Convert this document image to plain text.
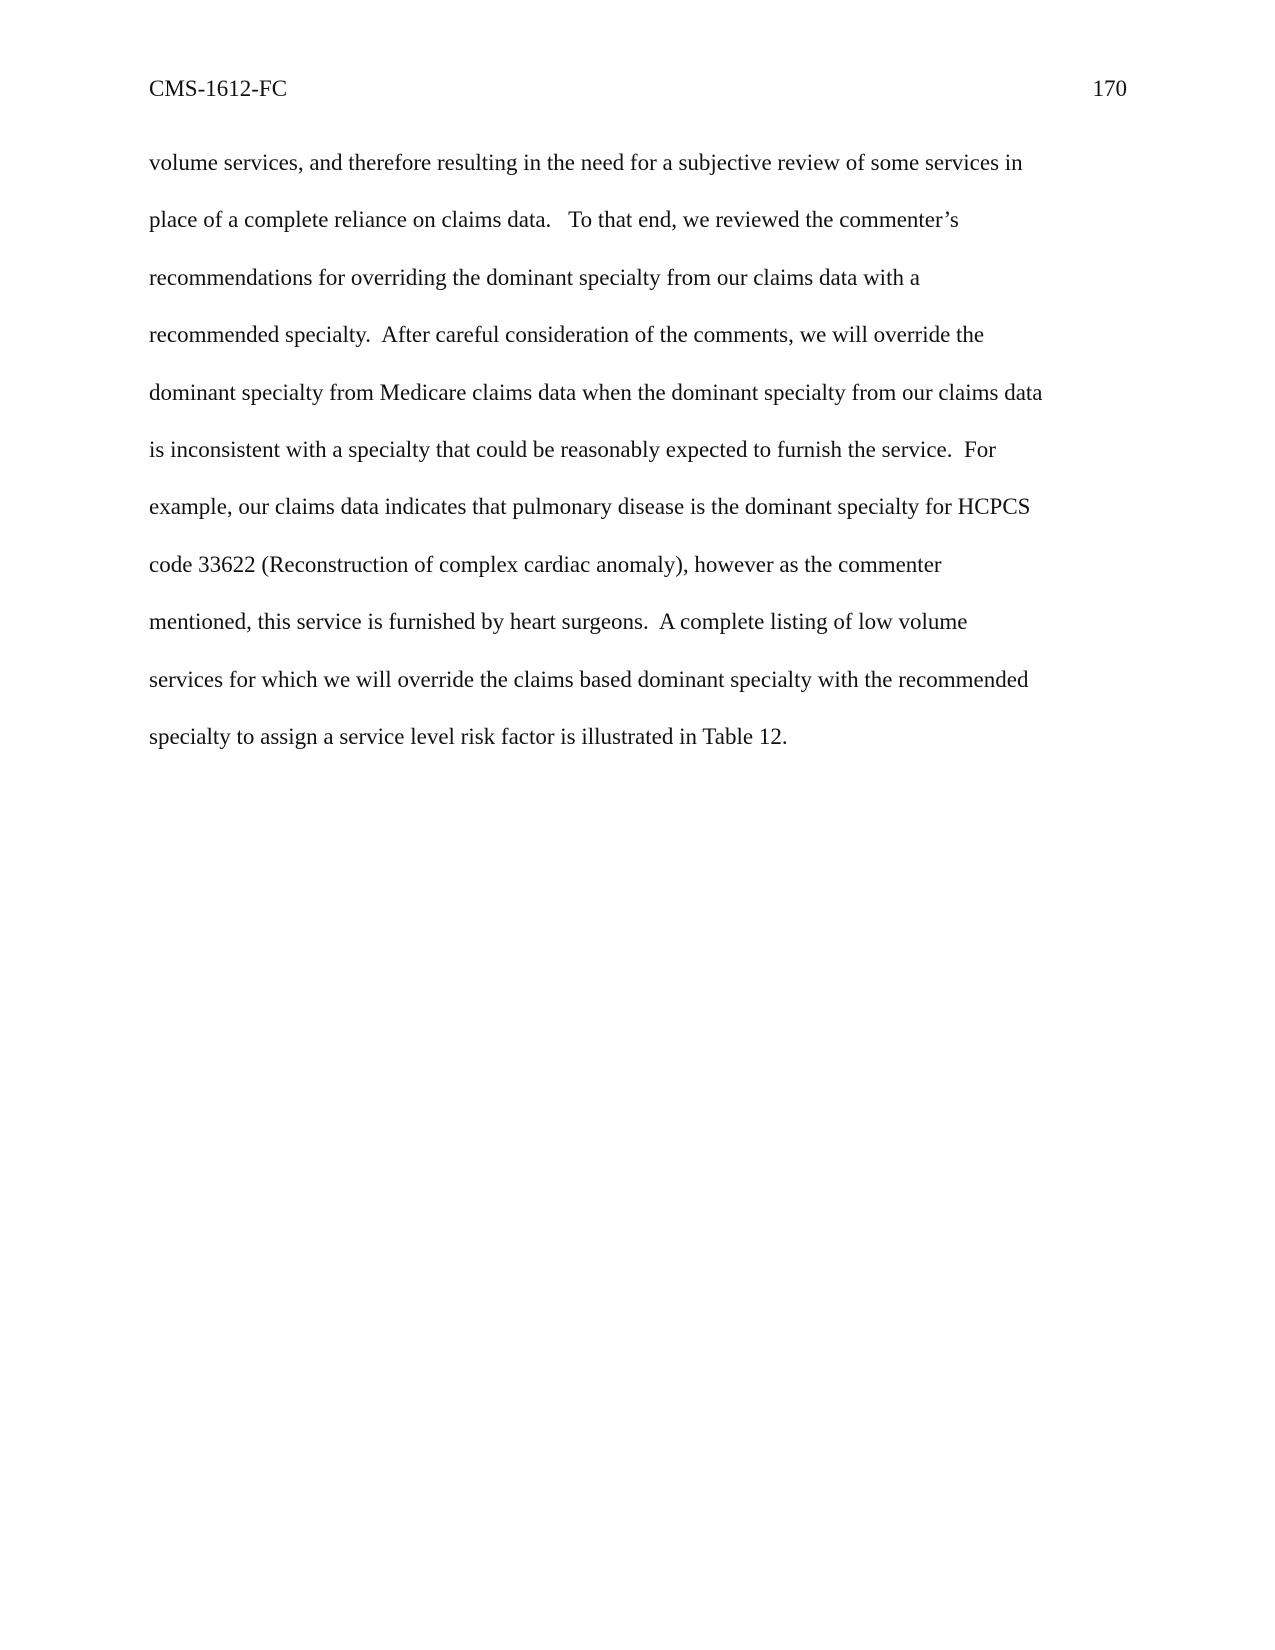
CMS-1612-FC	170
volume services, and therefore resulting in the need for a subjective review of some services in
place of a complete reliance on claims data.   To that end, we reviewed the commenter’s
recommendations for overriding the dominant specialty from our claims data with a
recommended specialty.  After careful consideration of the comments, we will override the
dominant specialty from Medicare claims data when the dominant specialty from our claims data
is inconsistent with a specialty that could be reasonably expected to furnish the service.  For
example, our claims data indicates that pulmonary disease is the dominant specialty for HCPCS
code 33622 (Reconstruction of complex cardiac anomaly), however as the commenter
mentioned, this service is furnished by heart surgeons.  A complete listing of low volume
services for which we will override the claims based dominant specialty with the recommended
specialty to assign a service level risk factor is illustrated in Table 12.
